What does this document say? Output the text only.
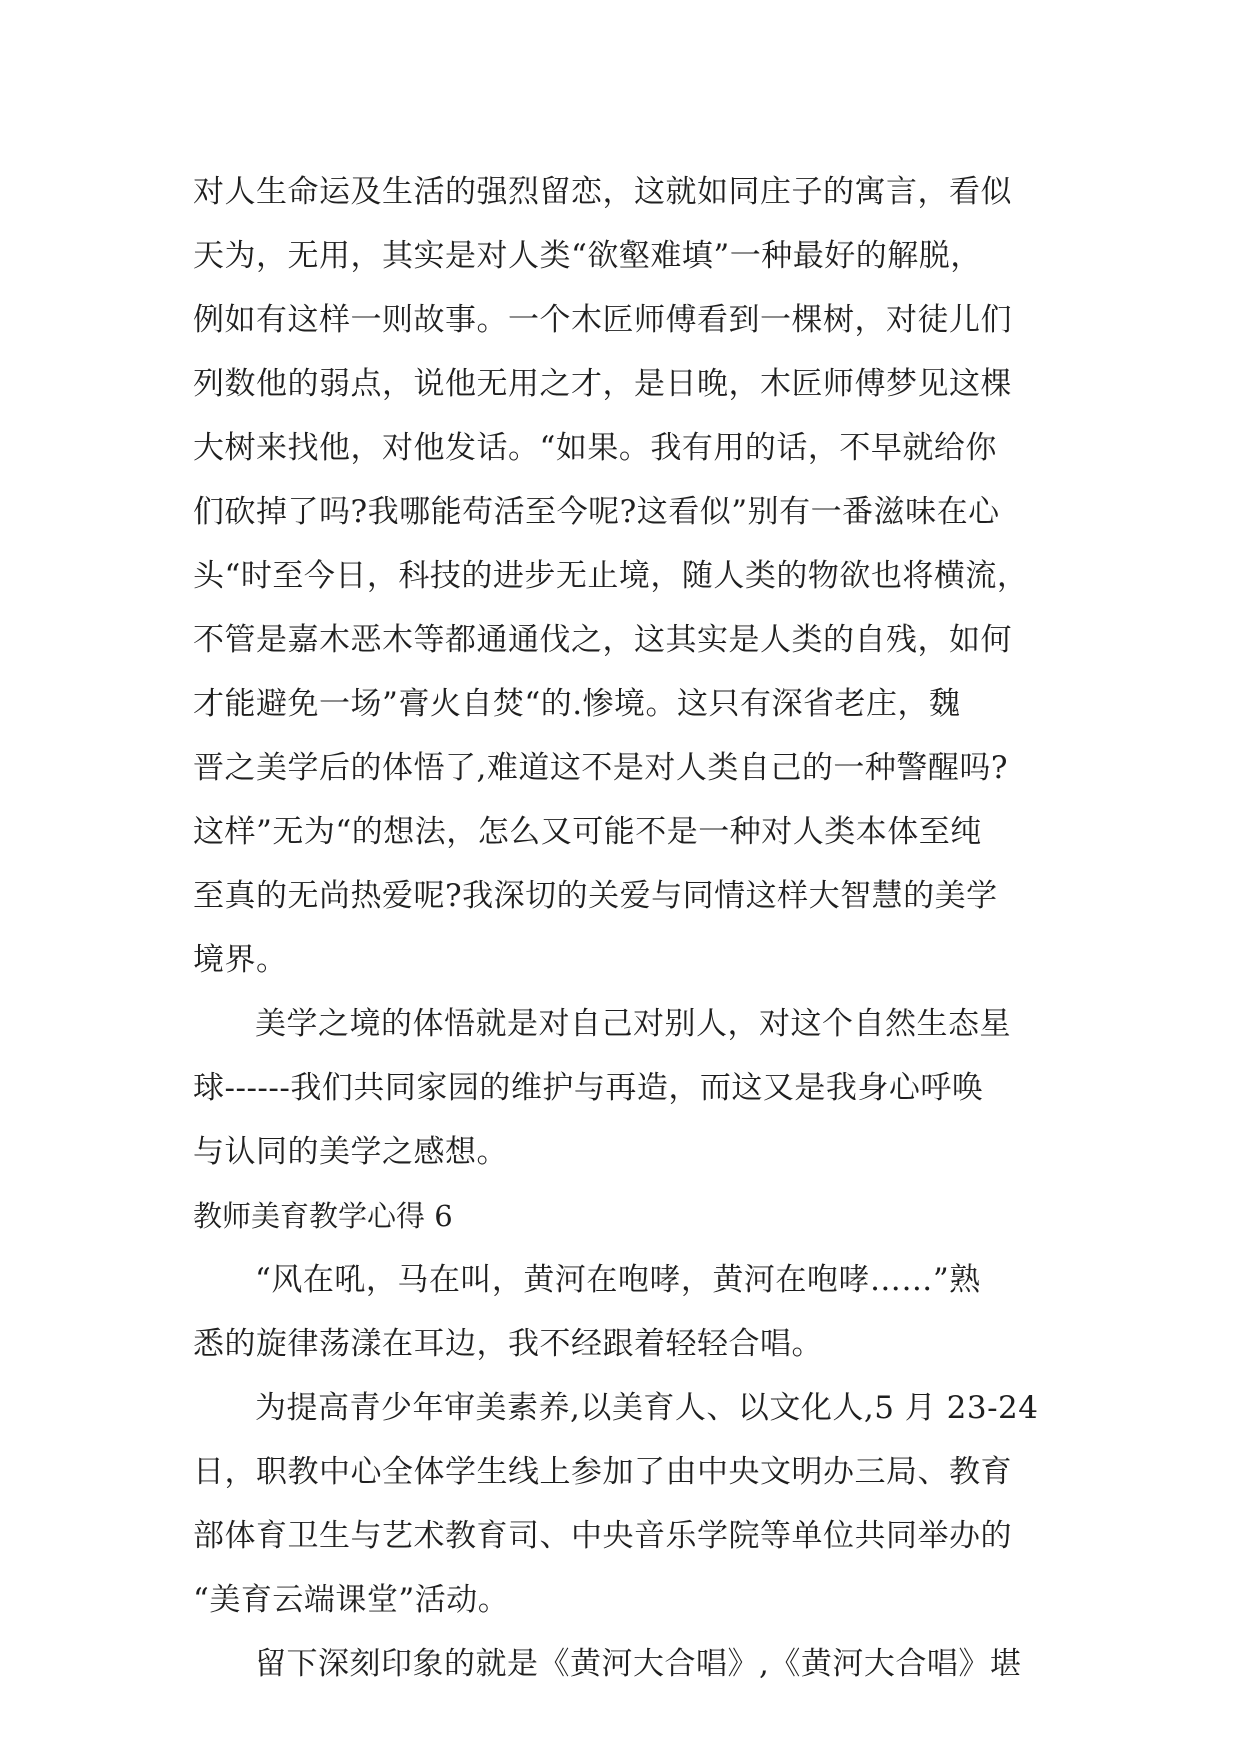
对人生命运及生活的强烈留恋，这就如同庄子的寓言，看似
天为，无用，其实是对人类“欲壑难填”一种最好的解脱，
例如有这样一则故事。一个木匠师傅看到一棵树，对徒儿们
列数他的弱点，说他无用之才，是日晚，木匠师傅梦见这棵
大树来找他，对他发话。“如果。我有用的话，不早就给你
们砍掉了吗?我哪能苟活至今呢?这看似”别有一番滋味在心
头“时至今日，科技的进步无止境，随人类的物欲也将横流，
不管是嘉木恶木等都通通伐之，这其实是人类的自残，如何
才能避免一场”膏火自焚“的.惨境。这只有深省老庄，魏
晋之美学后的体悟了,难道这不是对人类自己的一种警醒吗?
这样”无为“的想法，怎么又可能不是一种对人类本体至纯
至真的无尚热爱呢?我深切的关爱与同情这样大智慧的美学
境界。
美学之境的体悟就是对自己对别人，对这个自然生态星
球------我们共同家园的维护与再造，而这又是我身心呼唤
与认同的美学之感想。
教师美育教学心得 6
“风在吼，马在叫，黄河在咆哮，黄河在咆哮……”熟
悉的旋律荡漾在耳边，我不经跟着轻轻合唱。
为提高青少年审美素养,以美育人、以文化人,5 月 23-24
日，职教中心全体学生线上参加了由中央文明办三局、教育
部体育卫生与艺术教育司、中央音乐学院等单位共同举办的
“美育云端课堂”活动。
留下深刻印象的就是《黄河大合唱》,《黄河大合唱》堪
